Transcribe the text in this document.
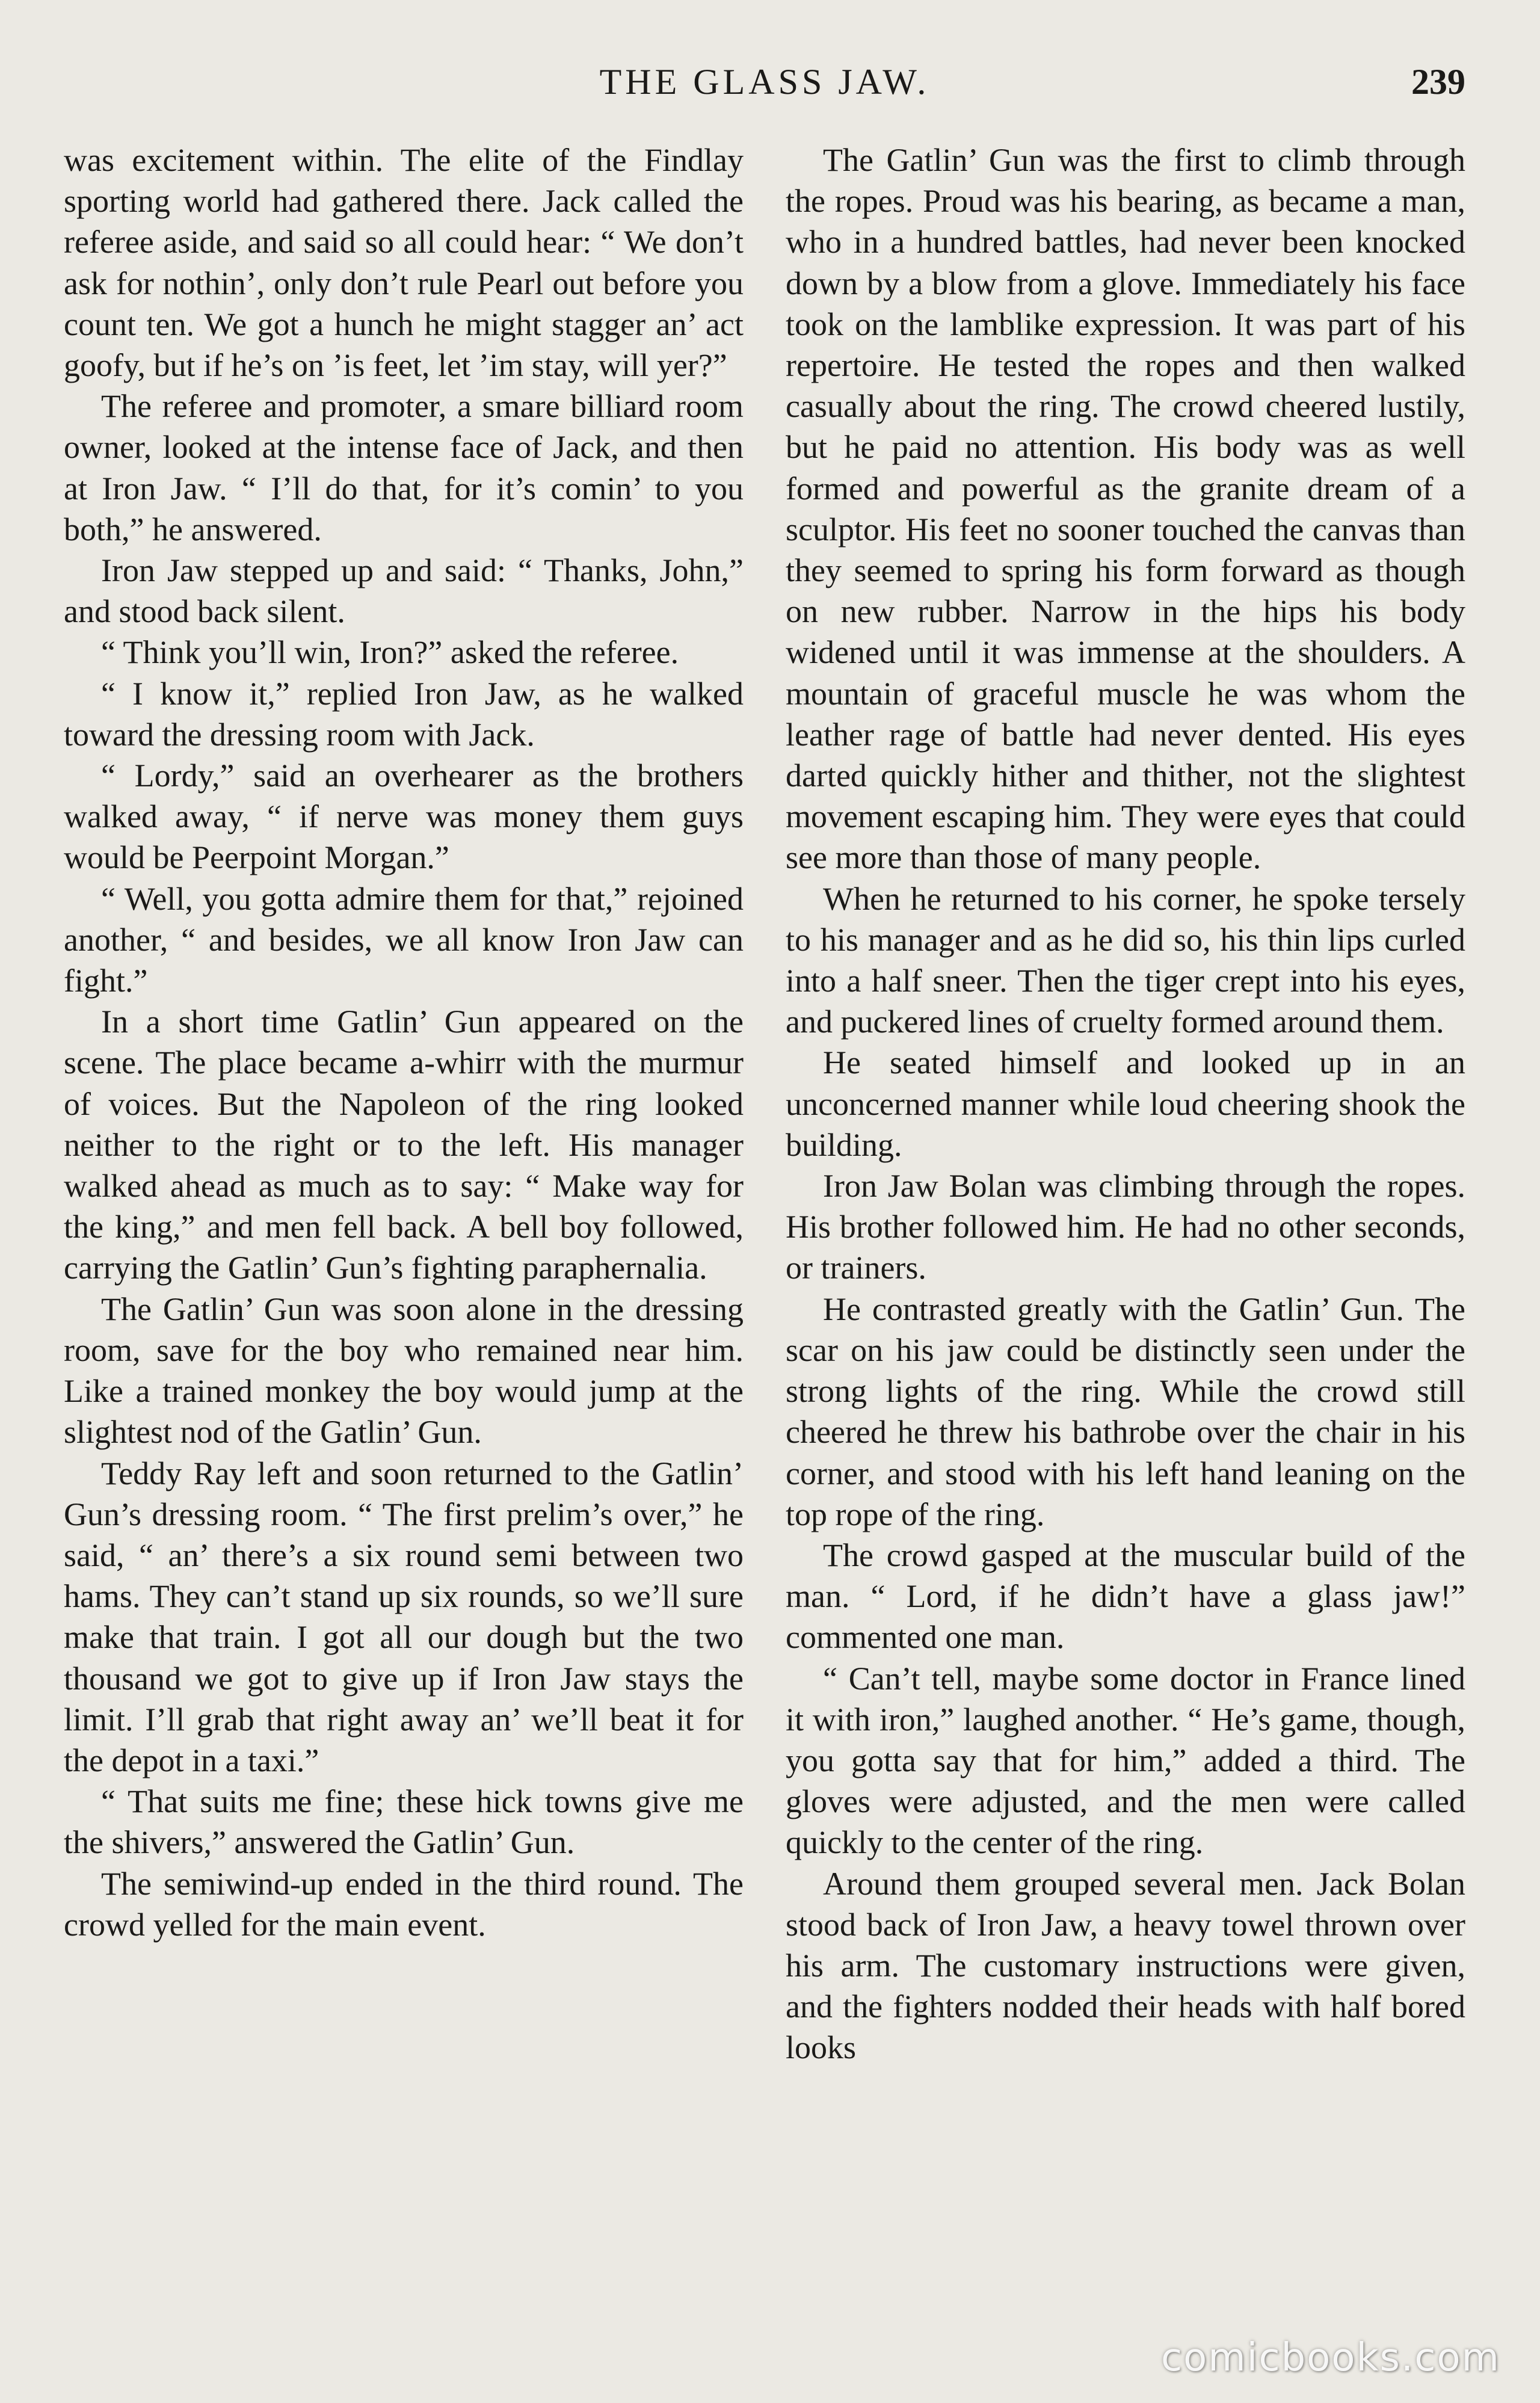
THE GLASS JAW.	239

was excitement within. The elite of the Findlay sporting world had gathered there. Jack called the referee aside, and said so all could hear: “ We don’t ask for nothin’, only don’t rule Pearl out before you count ten. We got a hunch he might stagger an’ act goofy, but if he’s on ’is feet, let ’im stay, will yer?”

The referee and promoter, a smare billiard room owner, looked at the intense face of Jack, and then at Iron Jaw. “ I’ll do that, for it’s comin’ to you both,” he answered.

Iron Jaw stepped up and said: “ Thanks, John,” and stood back silent.

“ Think you’ll win, Iron?” asked the referee.

“ I know it,” replied Iron Jaw, as he walked toward the dressing room with Jack.

“ Lordy,” said an overhearer as the brothers walked away, “ if nerve was money them guys would be Peerpoint Morgan.”

“ Well, you gotta admire them for that,” rejoined another, “ and besides, we all know Iron Jaw can fight.”

In a short time Gatlin’ Gun appeared on the scene. The place became a-whirr with the murmur of voices. But the Napoleon of the ring looked neither to the right or to the left. His manager walked ahead as much as to say: “ Make way for the king,” and men fell back. A bell boy followed, carrying the Gatlin’ Gun’s fighting paraphernalia.

The Gatlin’ Gun was soon alone in the dressing room, save for the boy who remained near him. Like a trained monkey the boy would jump at the slightest nod of the Gatlin’ Gun.

Teddy Ray left and soon returned to the Gatlin’ Gun’s dressing room. “ The first prelim’s over,” he said, “ an’ there’s a six round semi between two hams. They can’t stand up six rounds, so we’ll sure make that train. I got all our dough but the two thousand we got to give up if Iron Jaw stays the limit. I’ll grab that right away an’ we’ll beat it for the depot in a taxi.”

“ That suits me fine; these hick towns give me the shivers,” answered the Gatlin’ Gun.

The semiwind-up ended in the third round. The crowd yelled for the main event.

The Gatlin’ Gun was the first to climb through the ropes. Proud was his bearing, as became a man, who in a hundred battles, had never been knocked down by a blow from a glove. Immediately his face took on the lamblike expression. It was part of his repertoire. He tested the ropes and then walked casually about the ring. The crowd cheered lustily, but he paid no attention. His body was as well formed and powerful as the granite dream of a sculptor. His feet no sooner touched the canvas than they seemed to spring his form forward as though on new rubber. Narrow in the hips his body widened until it was immense at the shoulders. A mountain of graceful muscle he was whom the leather rage of battle had never dented. His eyes darted quickly hither and thither, not the slightest movement escaping him. They were eyes that could see more than those of many people.

When he returned to his corner, he spoke tersely to his manager and as he did so, his thin lips curled into a half sneer. Then the tiger crept into his eyes, and puckered lines of cruelty formed around them.

He seated himself and looked up in an unconcerned manner while loud cheering shook the building.

Iron Jaw Bolan was climbing through the ropes. His brother followed him. He had no other seconds, or trainers.

He contrasted greatly with the Gatlin’ Gun. The scar on his jaw could be distinctly seen under the strong lights of the ring. While the crowd still cheered he threw his bathrobe over the chair in his corner, and stood with his left hand leaning on the top rope of the ring.

The crowd gasped at the muscular build of the man. “ Lord, if he didn’t have a glass jaw!” commented one man.

“ Can’t tell, maybe some doctor in France lined it with iron,” laughed another. “ He’s game, though, you gotta say that for him,” added a third. The gloves were adjusted, and the men were called quickly to the center of the ring.

Around them grouped several men. Jack Bolan stood back of Iron Jaw, a heavy towel thrown over his arm. The customary instructions were given, and the fighters nodded their heads with half bored looks

comicbooks.com
